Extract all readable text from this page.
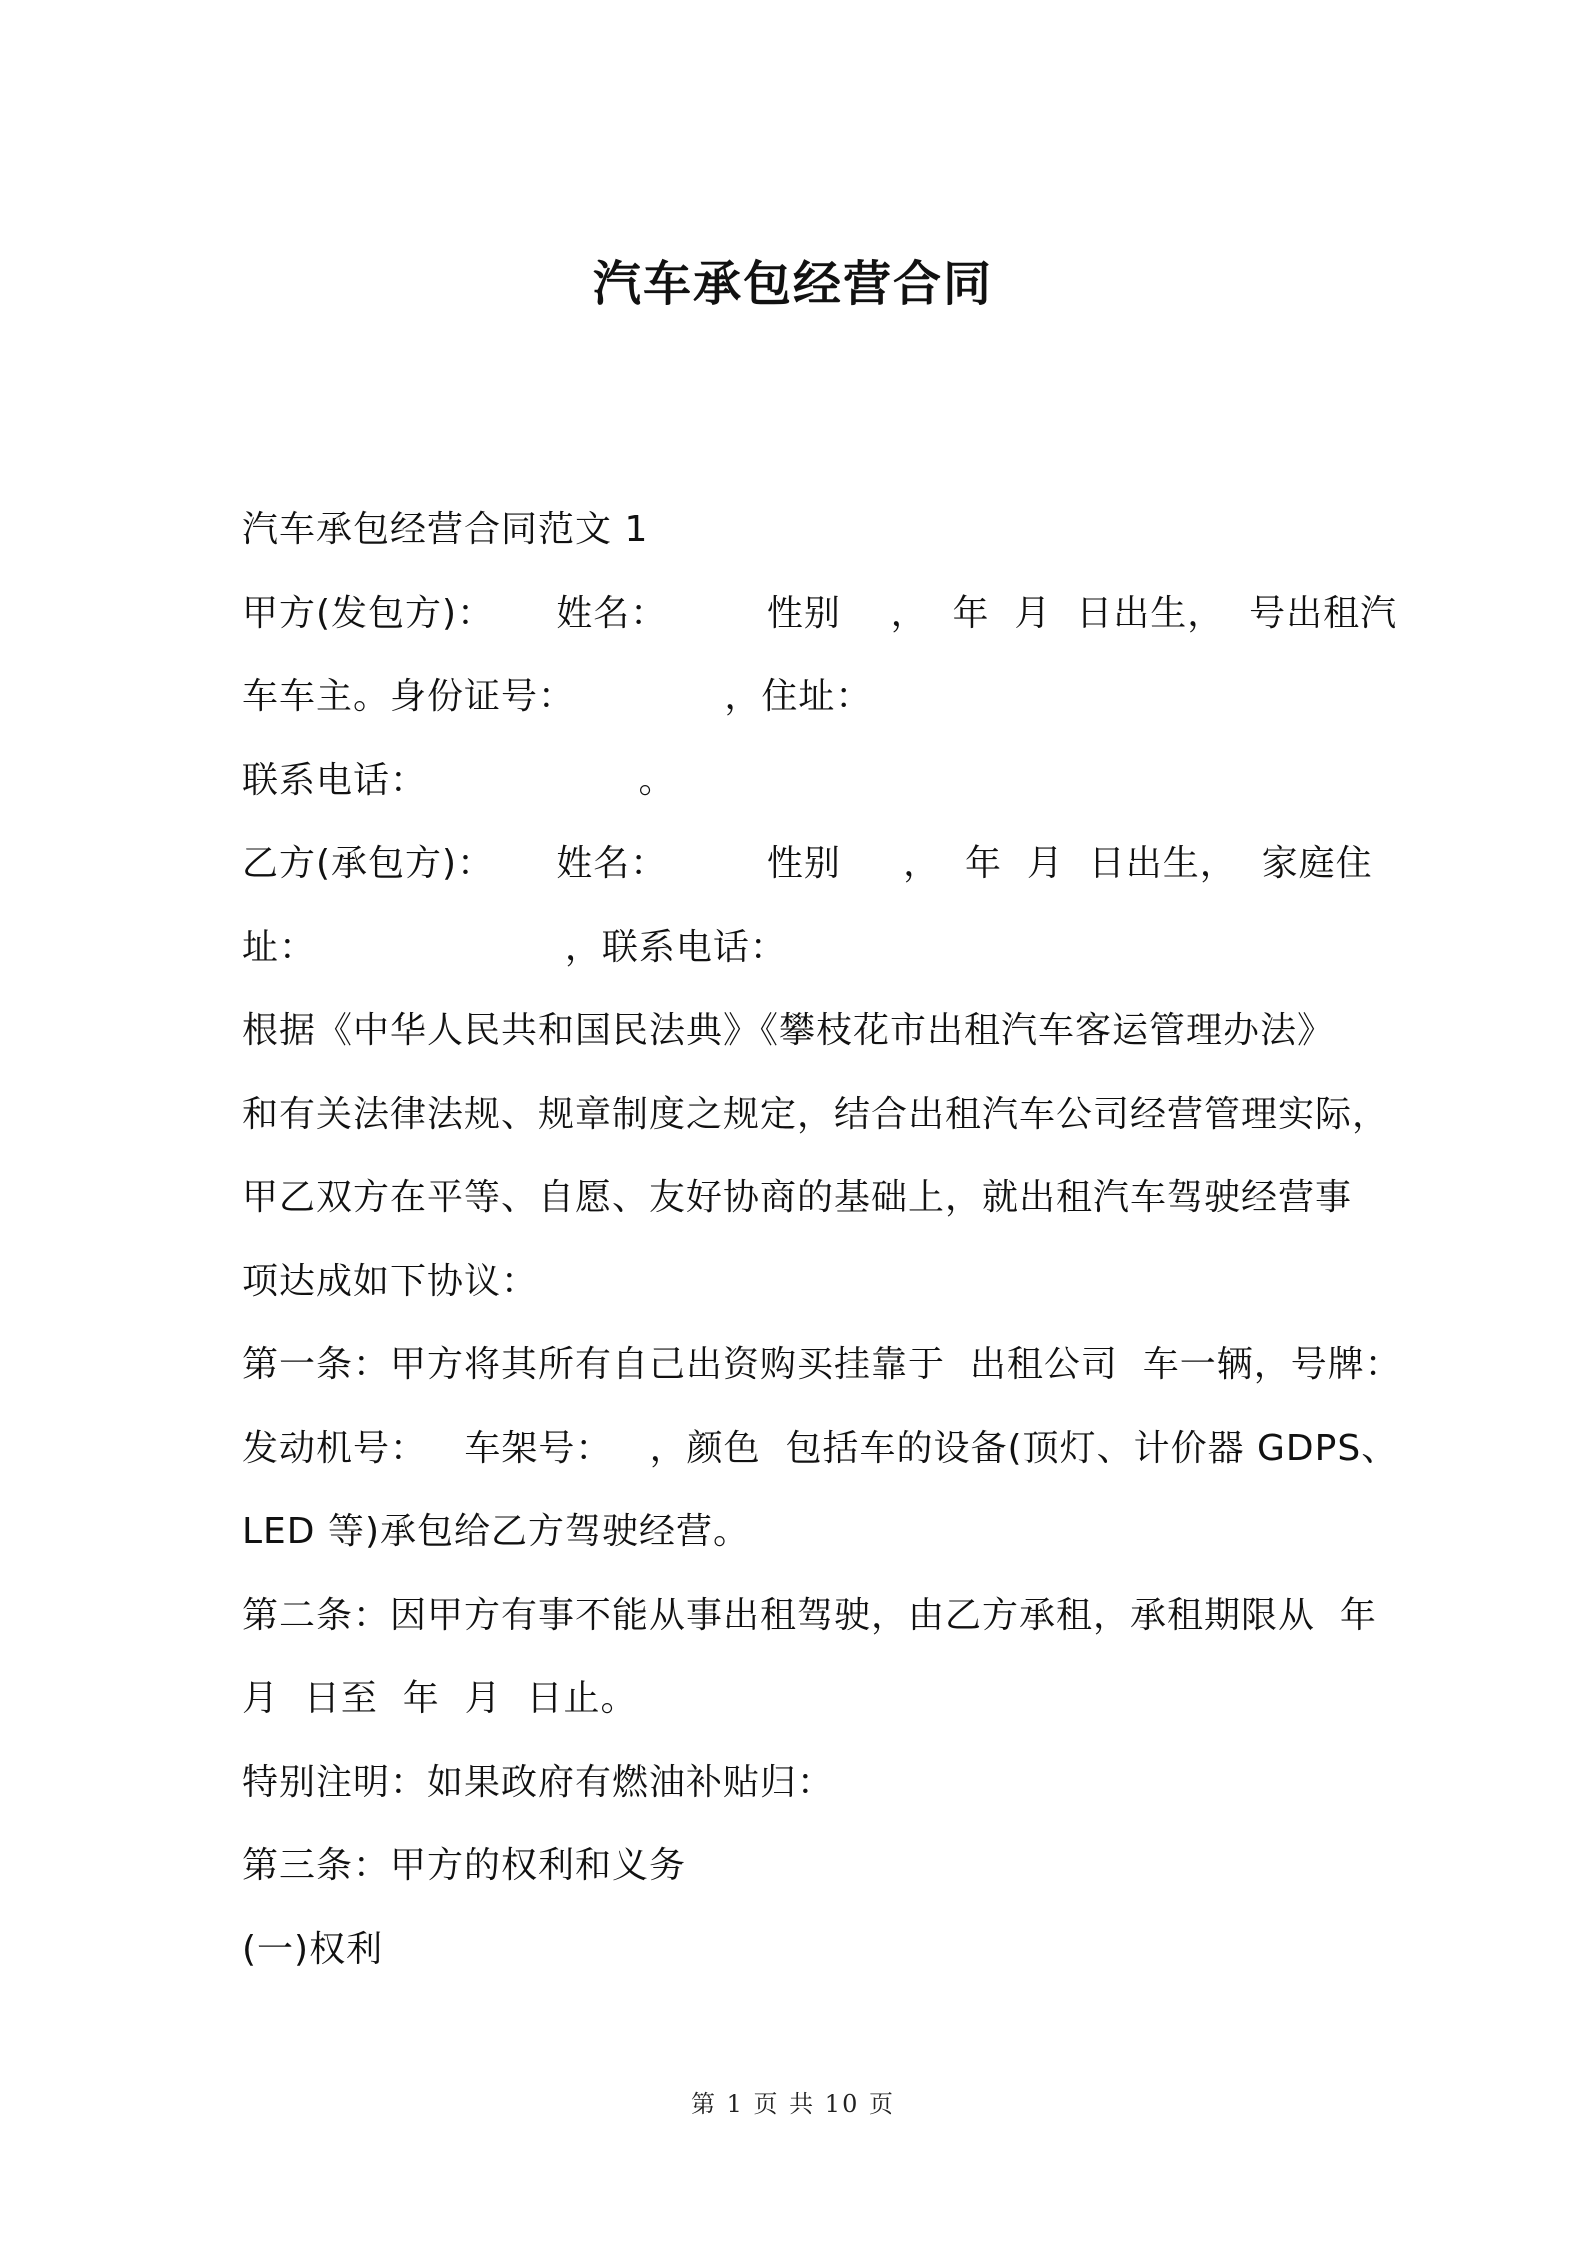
汽车承包经营合同
汽车承包经营合同范文 1
甲方(发包方)：     姓名：        性别    ，  年  月  日出生，  号出租汽
车车主。身份证号：            ，住址：
联系电话：                 。
乙方(承包方)：     姓名：        性别     ，  年  月  日出生，  家庭住
址：                    ，联系电话：
根据《中华人民共和国民法典》《攀枝花市出租汽车客运管理办法》
和有关法律法规、规章制度之规定，结合出租汽车公司经营管理实际，
甲乙双方在平等、自愿、友好协商的基础上，就出租汽车驾驶经营事
项达成如下协议：
第一条：甲方将其所有自己出资购买挂靠于  出租公司  车一辆，号牌：
发动机号：   车架号：   ，颜色  包括车的设备(顶灯、计价器 GDPS、
LED 等)承包给乙方驾驶经营。
第二条：因甲方有事不能从事出租驾驶，由乙方承租，承租期限从  年
月  日至  年  月  日止。
特别注明：如果政府有燃油补贴归：
第三条：甲方的权利和义务
(一)权利
第 1 页 共 10 页
